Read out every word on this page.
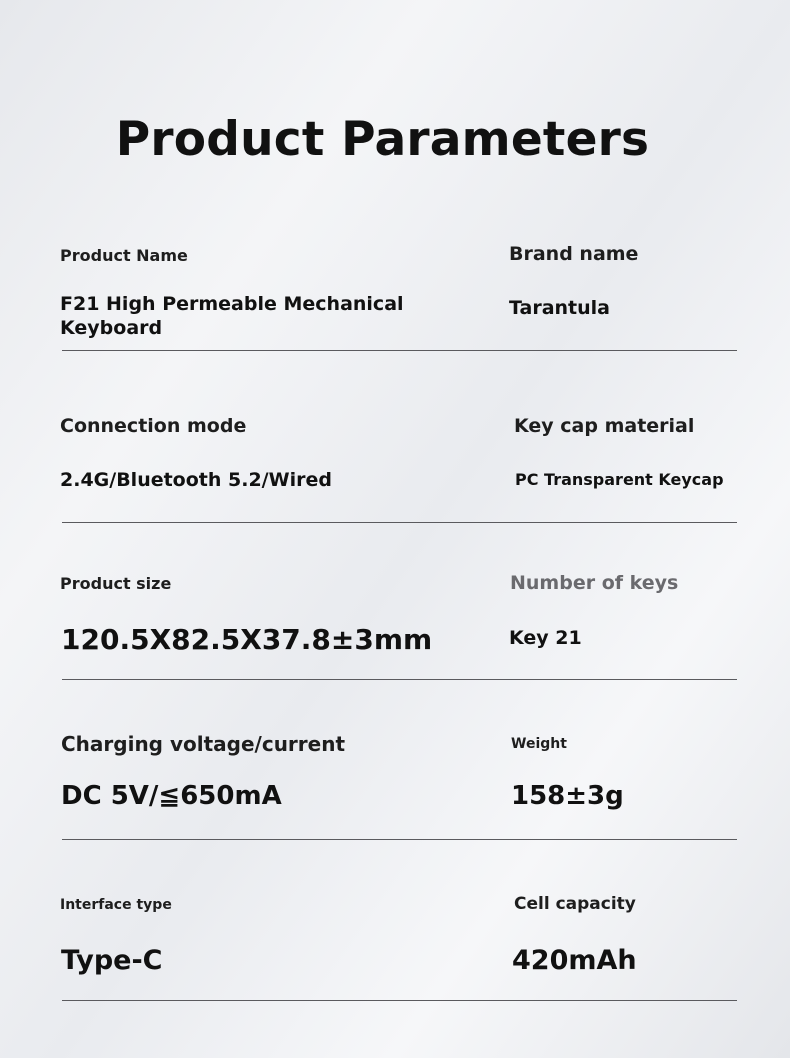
Product Parameters
Product Name
F21 High Permeable Mechanical
Keyboard
Brand name
Tarantula
Connection mode
2.4G/Bluetooth 5.2/Wired
Key cap material
PC Transparent Keycap
Product size
120.5X82.5X37.8±3mm
Number of keys
Key 21
Charging voltage/current
DC 5V/≦650mA
Weight
158±3g
Interface type
Type-C
Cell capacity
420mAh
